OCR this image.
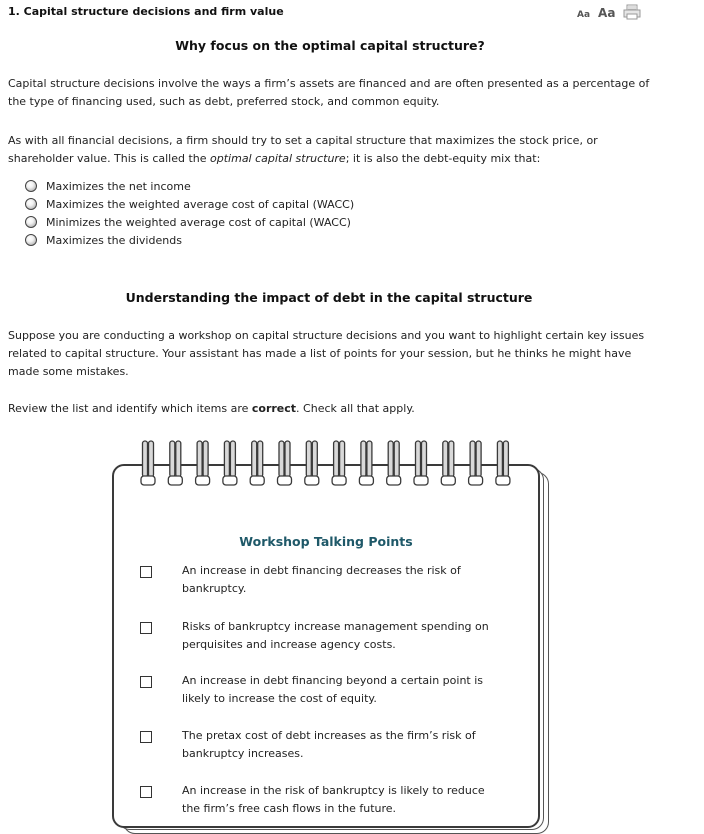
1. Capital structure decisions and firm value	Aa Aa
Why focus on the optimal capital structure?
Capital structure decisions involve the ways a firm’s assets are financed and are often presented as a percentage of the type of financing used, such as debt, preferred stock, and common equity.
As with all financial decisions, a firm should try to set a capital structure that maximizes the stock price, or shareholder value. This is called the optimal capital structure; it is also the debt-equity mix that:
Maximizes the net income
Maximizes the weighted average cost of capital (WACC)
Minimizes the weighted average cost of capital (WACC)
Maximizes the dividends
Understanding the impact of debt in the capital structure
Suppose you are conducting a workshop on capital structure decisions and you want to highlight certain key issues related to capital structure. Your assistant has made a list of points for your session, but he thinks he might have made some mistakes.
Review the list and identify which items are correct. Check all that apply.
Workshop Talking Points
An increase in debt financing decreases the risk of bankruptcy.
Risks of bankruptcy increase management spending on perquisites and increase agency costs.
An increase in debt financing beyond a certain point is likely to increase the cost of equity.
The pretax cost of debt increases as the firm’s risk of bankruptcy increases.
An increase in the risk of bankruptcy is likely to reduce the firm’s free cash flows in the future.
